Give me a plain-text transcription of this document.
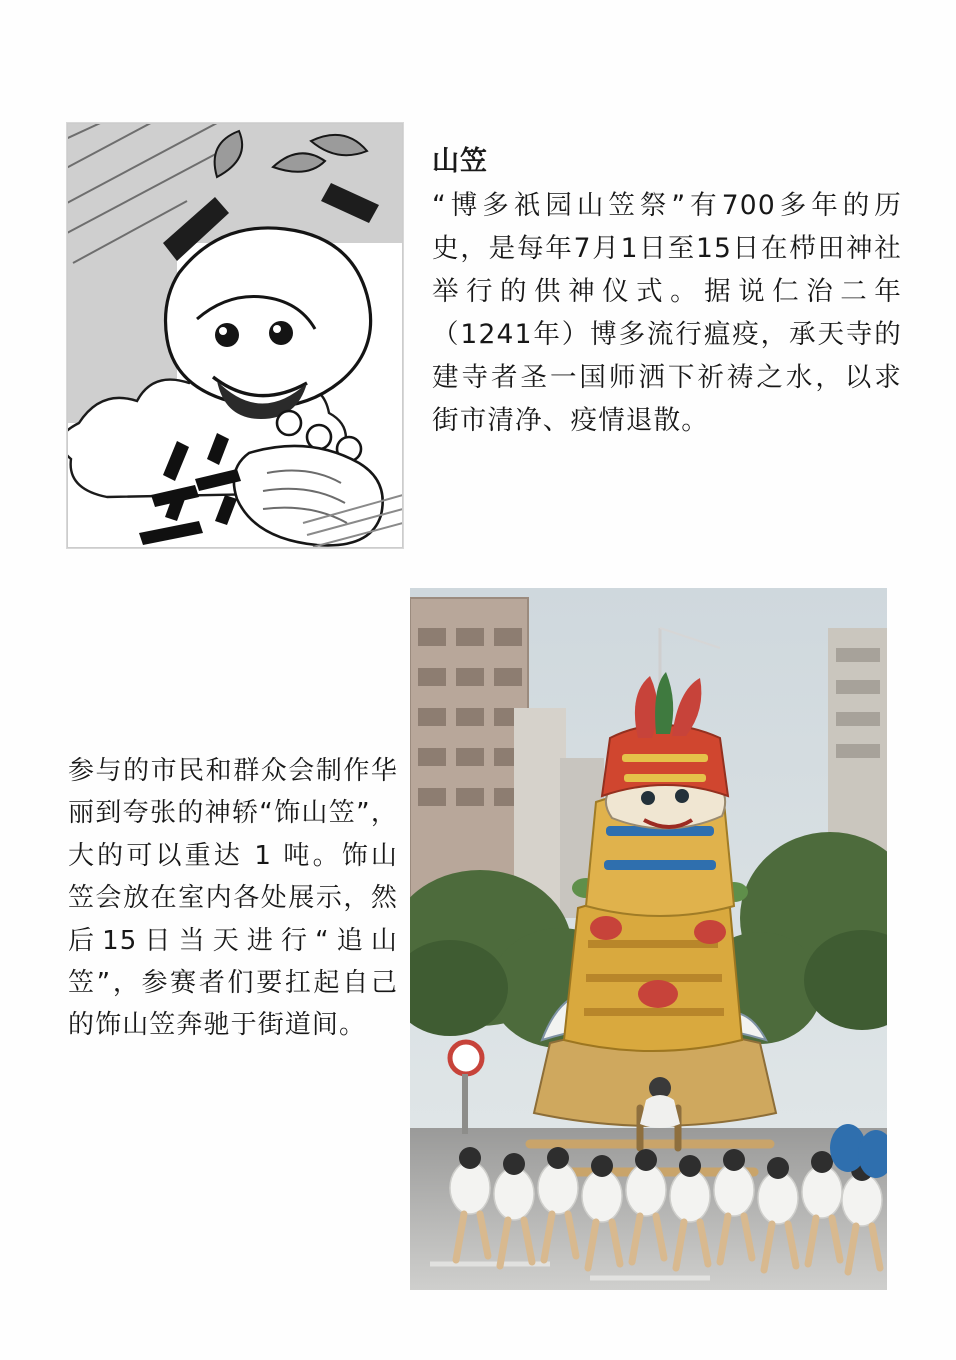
山笠

“博多祇园山笠祭”有700多年的历史，是每年7月1日至15日在栉田神社举行的供神仪式。据说仁治二年（1241年）博多流行瘟疫，承天寺的建寺者圣一国师洒下祈祷之水，以求街市清净、疫情退散。

参与的市民和群众会制作华丽到夸张的神轿“饰山笠”，大的可以重达 1 吨。饰山笠会放在室内各处展示，然后15日当天进行“追山笠”，参赛者们要扛起自己的饰山笠奔驰于街道间。
